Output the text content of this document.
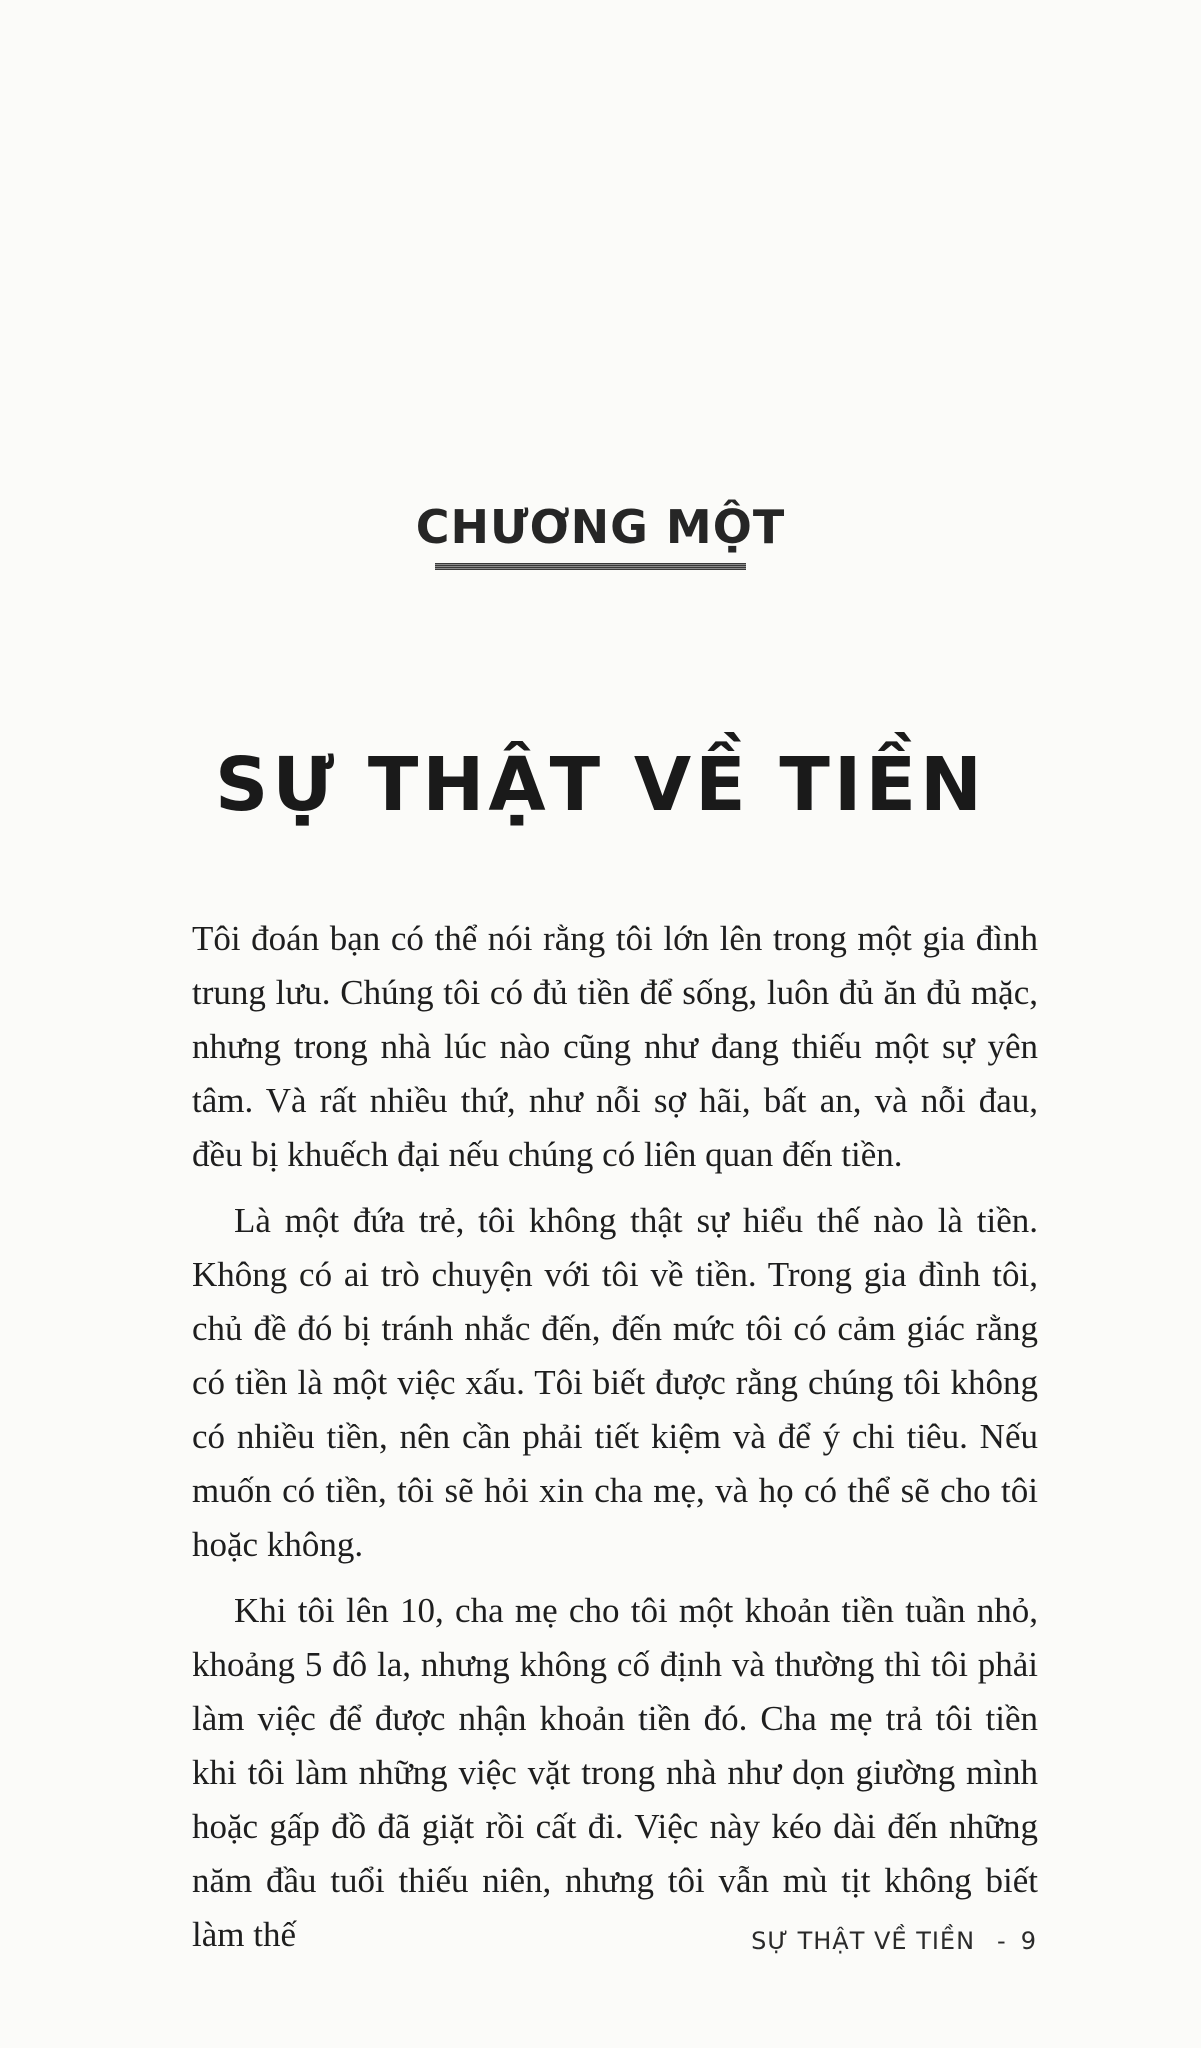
CHƯƠNG MỘT
SỰ THẬT VỀ TIỀN

Tôi đoán bạn có thể nói rằng tôi lớn lên trong một gia đình trung lưu. Chúng tôi có đủ tiền để sống, luôn đủ ăn đủ mặc, nhưng trong nhà lúc nào cũng như đang thiếu một sự yên tâm. Và rất nhiều thứ, như nỗi sợ hãi, bất an, và nỗi đau, đều bị khuếch đại nếu chúng có liên quan đến tiền.

Là một đứa trẻ, tôi không thật sự hiểu thế nào là tiền. Không có ai trò chuyện với tôi về tiền. Trong gia đình tôi, chủ đề đó bị tránh nhắc đến, đến mức tôi có cảm giác rằng có tiền là một việc xấu. Tôi biết được rằng chúng tôi không có nhiều tiền, nên cần phải tiết kiệm và để ý chi tiêu. Nếu muốn có tiền, tôi sẽ hỏi xin cha mẹ, và họ có thể sẽ cho tôi hoặc không.

Khi tôi lên 10, cha mẹ cho tôi một khoản tiền tuần nhỏ, khoảng 5 đô la, nhưng không cố định và thường thì tôi phải làm việc để được nhận khoản tiền đó. Cha mẹ trả tôi tiền khi tôi làm những việc vặt trong nhà như dọn giường mình hoặc gấp đồ đã giặt rồi cất đi. Việc này kéo dài đến những năm đầu tuổi thiếu niên, nhưng tôi vẫn mù tịt không biết làm thế	SỰ THẬT VỀ TIỀN - 9
